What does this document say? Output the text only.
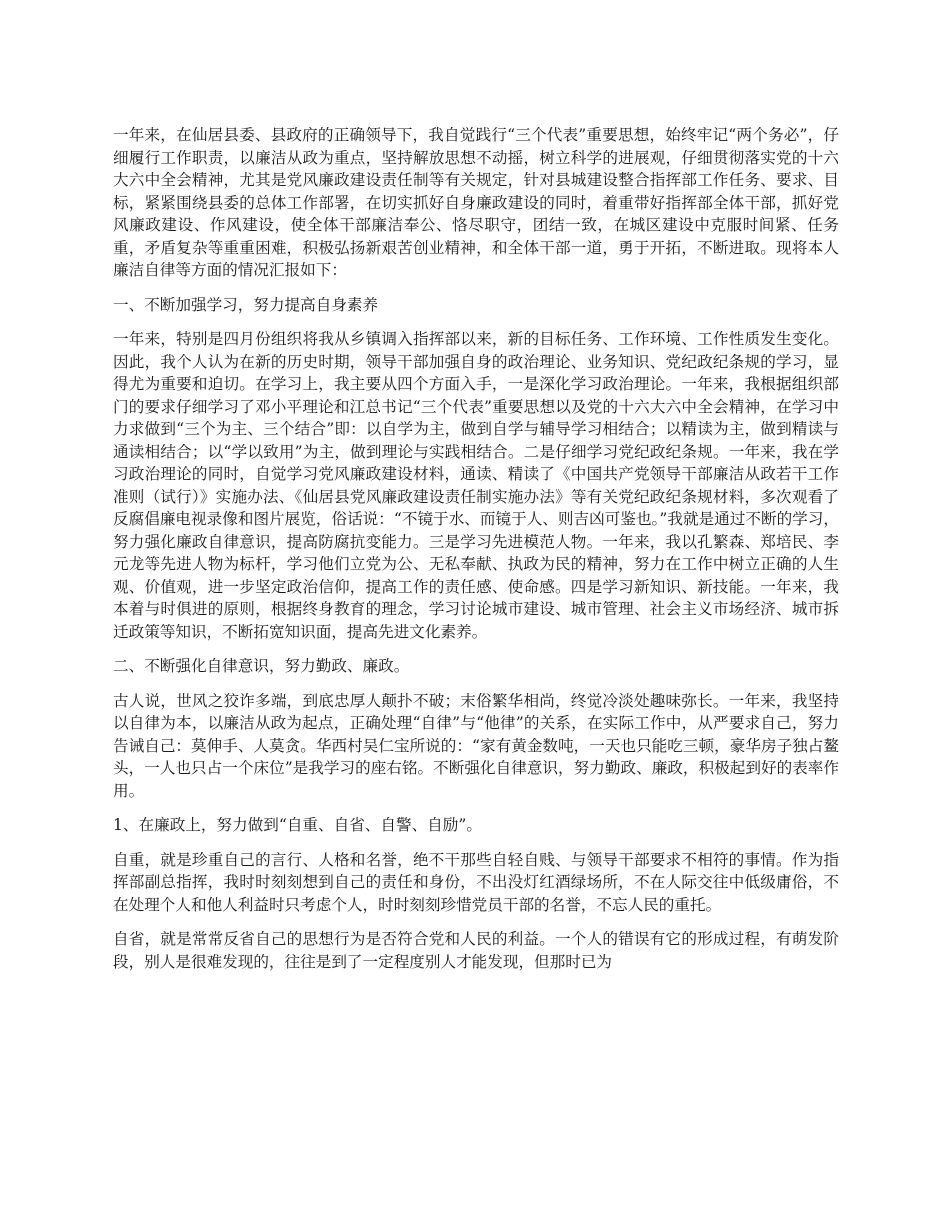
一年来，在仙居县委、县政府的正确领导下，我自觉践行“三个代表”重要思想，始终牢记“两个务必”，仔细履行工作职责，以廉洁从政为重点，坚持解放思想不动摇，树立科学的进展观，仔细贯彻落实党的十六大六中全会精神，尤其是党风廉政建设责任制等有关规定，针对县城建设整合指挥部工作任务、要求、目标，紧紧围绕县委的总体工作部署，在切实抓好自身廉政建设的同时，着重带好指挥部全体干部，抓好党风廉政建设、作风建设，使全体干部廉洁奉公、恪尽职守，团结一致，在城区建设中克服时间紧、任务重，矛盾复杂等重重困难，积极弘扬新艰苦创业精神，和全体干部一道，勇于开拓，不断进取。现将本人廉洁自律等方面的情况汇报如下：

一、不断加强学习，努力提高自身素养

一年来，特别是四月份组织将我从乡镇调入指挥部以来，新的目标任务、工作环境、工作性质发生变化。因此，我个人认为在新的历史时期，领导干部加强自身的政治理论、业务知识、党纪政纪条规的学习，显得尤为重要和迫切。在学习上，我主要从四个方面入手，一是深化学习政治理论。一年来，我根据组织部门的要求仔细学习了邓小平理论和江总书记“三个代表”重要思想以及党的十六大六中全会精神，在学习中力求做到“三个为主、三个结合”即：以自学为主，做到自学与辅导学习相结合；以精读为主，做到精读与通读相结合；以“学以致用”为主，做到理论与实践相结合。二是仔细学习党纪政纪条规。一年来，我在学习政治理论的同时，自觉学习党风廉政建设材料，通读、精读了《中国共产党领导干部廉洁从政若干工作准则（试行）》实施办法、《仙居县党风廉政建设责任制实施办法》等有关党纪政纪条规材料，多次观看了反腐倡廉电视录像和图片展览，俗话说：“不镜于水、而镜于人、则吉凶可鉴也。”我就是通过不断的学习，努力强化廉政自律意识，提高防腐抗变能力。三是学习先进模范人物。一年来，我以孔繁森、郑培民、李元龙等先进人物为标杆，学习他们立党为公、无私奉献、执政为民的精神，努力在工作中树立正确的人生观、价值观，进一步坚定政治信仰，提高工作的责任感、使命感。四是学习新知识、新技能。一年来，我本着与时俱进的原则，根据终身教育的理念，学习讨论城市建设、城市管理、社会主义市场经济、城市拆迁政策等知识，不断拓宽知识面，提高先进文化素养。

二、不断强化自律意识，努力勤政、廉政。

古人说，世风之狡诈多端，到底忠厚人颠扑不破；末俗繁华相尚，终觉冷淡处趣味弥长。一年来，我坚持以自律为本，以廉洁从政为起点，正确处理“自律”与“他律”的关系，在实际工作中，从严要求自己，努力告诫自己：莫伸手、人莫贪。华西村吴仁宝所说的：“家有黄金数吨，一天也只能吃三顿，豪华房子独占鳌头，一人也只占一个床位”是我学习的座右铭。不断强化自律意识，努力勤政、廉政，积极起到好的表率作用。

1、在廉政上，努力做到“自重、自省、自警、自励”。

自重，就是珍重自己的言行、人格和名誉，绝不干那些自轻自贱、与领导干部要求不相符的事情。作为指挥部副总指挥，我时时刻刻想到自己的责任和身份，不出没灯红酒绿场所，不在人际交往中低级庸俗，不在处理个人和他人利益时只考虑个人，时时刻刻珍惜党员干部的名誉，不忘人民的重托。

自省，就是常常反省自己的思想行为是否符合党和人民的利益。一个人的错误有它的形成过程，有萌发阶段，别人是很难发现的，往往是到了一定程度别人才能发现，但那时已为
